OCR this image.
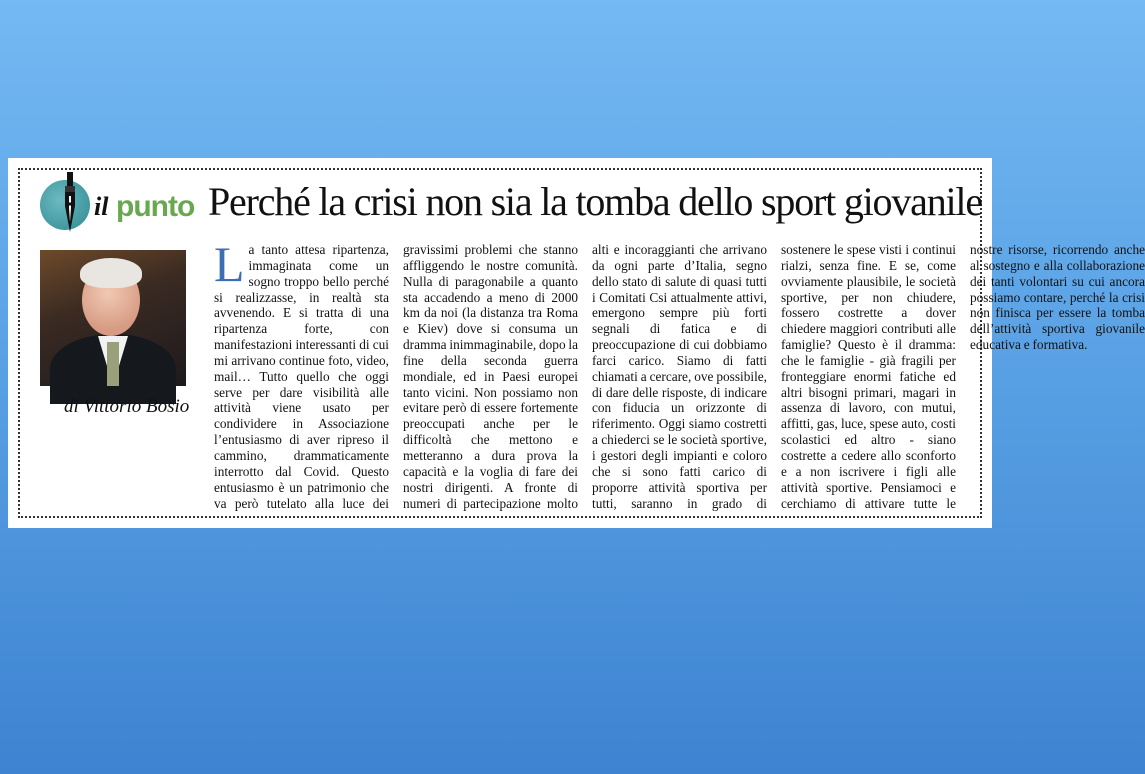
il punto Perché la crisi non sia la tomba dello sport giovanile
di Vittorio Bosio
La tanto attesa ripartenza, immaginata come un sogno troppo bello perché si realizzasse, in realtà sta avvenendo. E si tratta di una ripartenza forte, con manifestazioni interessanti di cui mi arrivano continue foto, video, mail… Tutto quello che oggi serve per dare visibilità alle attività viene usato per condividere in Associazione l’entusiasmo di aver ripreso il cammino, drammaticamente interrotto dal Covid. Questo entusiasmo è un patrimonio che va però tutelato alla luce dei gravissimi problemi che stanno affliggendo le nostre comunità. Nulla di paragonabile a quanto sta accadendo a meno di 2000 km da noi (la distanza tra Roma e Kiev) dove si consuma un dramma inimmaginabile, dopo la fine della seconda guerra mondiale, ed in Paesi europei tanto vicini. Non possiamo non evitare però di essere fortemente preoccupati anche per le difficoltà che mettono e metteranno a dura prova la capacità e la voglia di fare dei nostri dirigenti. A fronte di numeri di partecipazione molto alti e incoraggianti che arrivano da ogni parte d’Italia, segno dello stato di salute di quasi tutti i Comitati Csi attualmente attivi, emergono sempre più forti segnali di fatica e di preoccupazione di cui dobbiamo farci carico. Siamo di fatti chiamati a cercare, ove possibile, di dare delle risposte, di indicare con fiducia un orizzonte di riferimento. Oggi siamo costretti a chiederci se le società sportive, i gestori degli impianti e coloro che si sono fatti carico di proporre attività sportiva per tutti, saranno in grado di sostenere le spese visti i continui rialzi, senza fine. E se, come ovviamente plausibile, le società sportive, per non chiudere, fossero costrette a dover chiedere maggiori contributi alle famiglie? Questo è il dramma: che le famiglie - già fragili per fronteggiare enormi fatiche ed altri bisogni primari, magari in assenza di lavoro, con mutui, affitti, gas, luce, spese auto, costi scolastici ed altro - siano costrette a cedere allo sconforto e a non iscrivere i figli alle attività sportive. Pensiamoci e cerchiamo di attivare tutte le nostre risorse, ricorrendo anche al sostegno e alla collaborazione dei tanti volontari su cui ancora possiamo contare, perché la crisi non finisca per essere la tomba dell’attività sportiva giovanile educativa e formativa.
